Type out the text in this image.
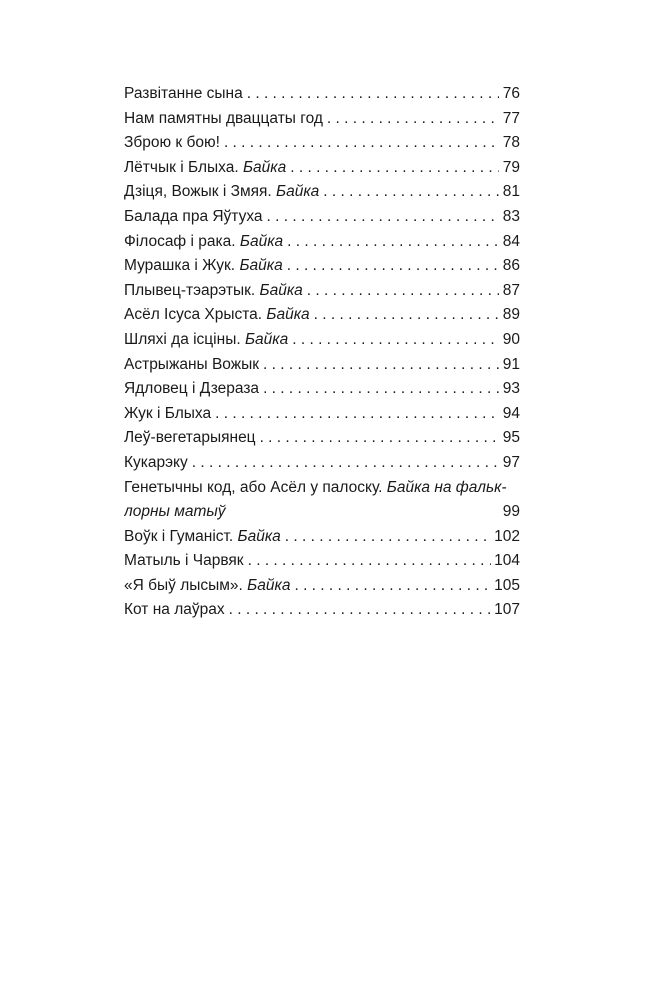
Развітанне сына . . .	76
Нам памятны дваццаты год . . .	77
Зброю к бою! . . .	78
Лётчык і Блыха. Байка . . .	79
Дзіця, Вожык і Змяя. Байка . . .	81
Балада пра Яўтуха . . .	83
Філосаф і рака. Байка . . .	84
Мурашка і Жук. Байка . . .	86
Плывец-тэарэтык. Байка . . .	87
Асёл Ісуса Хрыста. Байка . . .	89
Шляхі да ісціны. Байка . . .	90
Астрыжаны Вожык . . .	91
Ядловец і Дзераза . . .	93
Жук і Блыха . . .	94
Леў-вегетарыянец . . .	95
Кукарэку . . .	97
Генетычны код, або Асёл у палоску. Байка на фальк-
лорны матыў	99
Воўк і Гуманіст. Байка . . .	102
Матыль і Чарвяк . . .	104
«Я быў лысым». Байка . . .	105
Кот на лаўрах . . .	107
